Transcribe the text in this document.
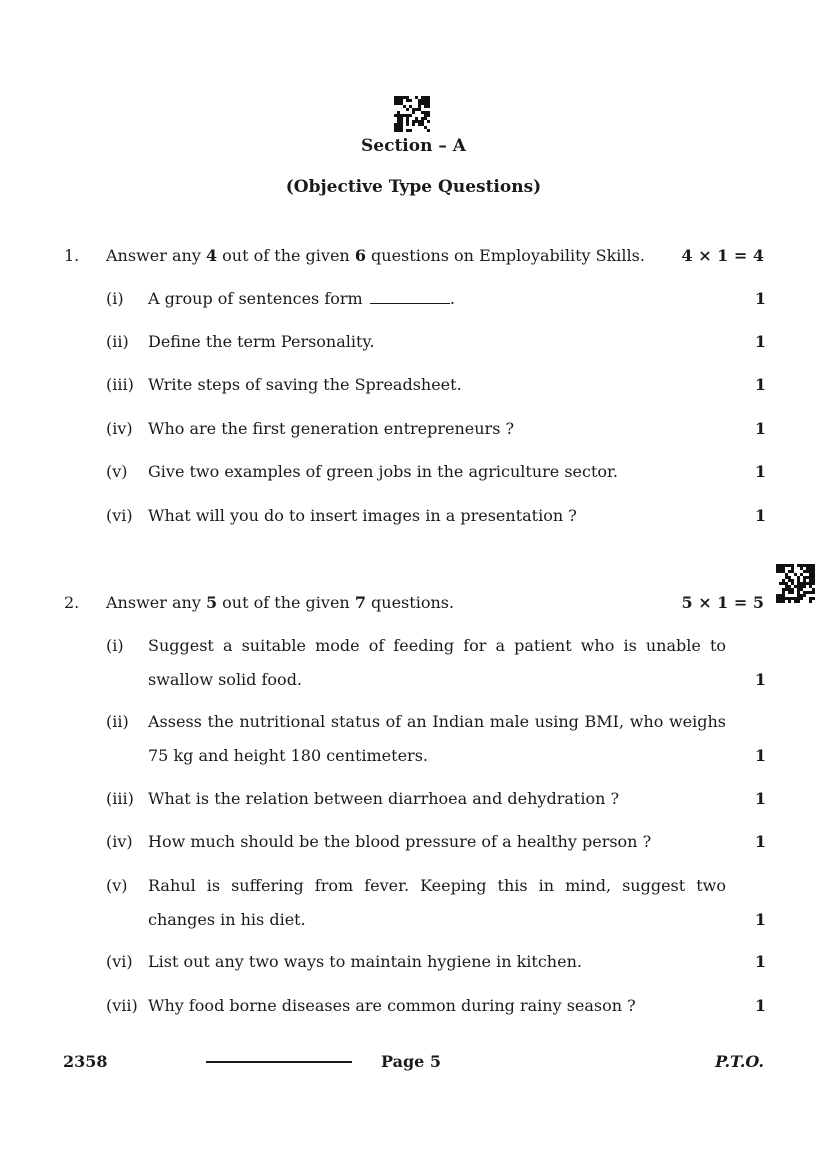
Section – A
(Objective Type Questions)
1. Answer any 4 out of the given 6 questions on Employability Skills. 4 × 1 = 4
(i) A group of sentences form	.	1
(ii) Define the term Personality.	1
(iii) Write steps of saving the Spreadsheet.	1
(iv) Who are the first generation entrepreneurs ?	1
(v) Give two examples of green jobs in the agriculture sector.	1
(vi) What will you do to insert images in a presentation ?	1
2. Answer any 5 out of the given 7 questions.	5 × 1 = 5
(i) Suggest a suitable mode of feeding for a patient who is unable to swallow solid food.	1
(ii) Assess the nutritional status of an Indian male using BMI, who weighs 75 kg and height 180 centimeters.	1
(iii) What is the relation between diarrhoea and dehydration ?	1
(iv) How much should be the blood pressure of a healthy person ?	1
(v) Rahul is suffering from fever. Keeping this in mind, suggest two changes in his diet.	1
(vi) List out any two ways to maintain hygiene in kitchen.	1
(vii) Why food borne diseases are common during rainy season ?	1
2358	Page 5	P.T.O.
